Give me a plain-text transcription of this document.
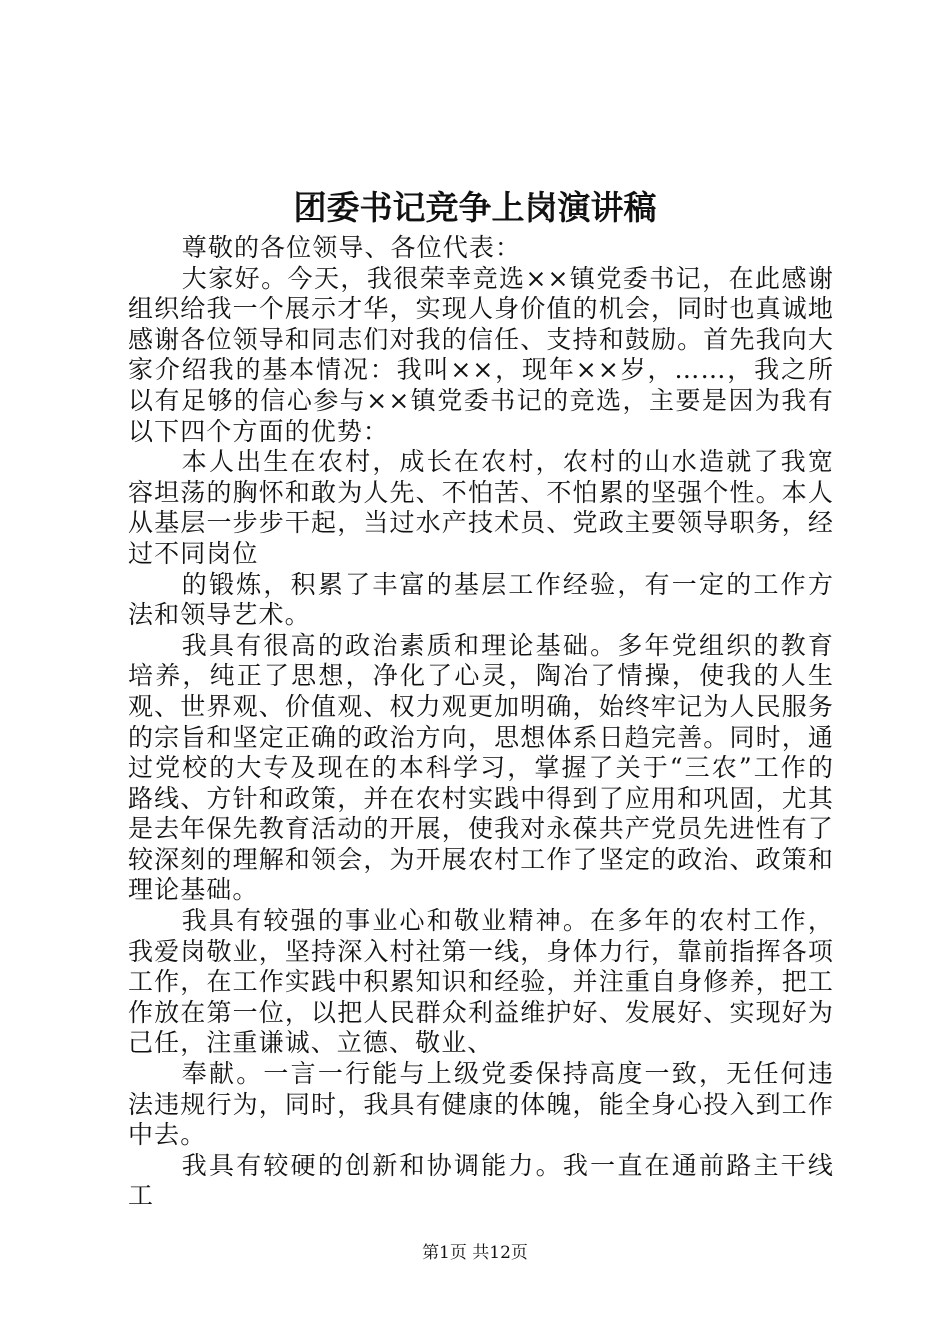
团委书记竞争上岗演讲稿

尊敬的各位领导、各位代表：

大家好。今天，我很荣幸竞选××镇党委书记，在此感谢组织给我一个展示才华，实现人身价值的机会，同时也真诚地感谢各位领导和同志们对我的信任、支持和鼓励。首先我向大家介绍我的基本情况：我叫××，现年××岁，……，我之所以有足够的信心参与××镇党委书记的竞选，主要是因为我有以下四个方面的优势：

本人出生在农村，成长在农村，农村的山水造就了我宽容坦荡的胸怀和敢为人先、不怕苦、不怕累的坚强个性。本人从基层一步步干起，当过水产技术员、党政主要领导职务，经过不同岗位

的锻炼，积累了丰富的基层工作经验，有一定的工作方法和领导艺术。

我具有很高的政治素质和理论基础。多年党组织的教育培养，纯正了思想，净化了心灵，陶冶了情操，使我的人生观、世界观、价值观、权力观更加明确，始终牢记为人民服务的宗旨和坚定正确的政治方向，思想体系日趋完善。同时，通过党校的大专及现在的本科学习，掌握了关于“三农”工作的路线、方针和政策，并在农村实践中得到了应用和巩固，尤其是去年保先教育活动的开展，使我对永葆共产党员先进性有了较深刻的理解和领会，为开展农村工作了坚定的政治、政策和理论基础。

我具有较强的事业心和敬业精神。在多年的农村工作，我爱岗敬业，坚持深入村社第一线，身体力行，靠前指挥各项工作，在工作实践中积累知识和经验，并注重自身修养，把工作放在第一位，以把人民群众利益维护好、发展好、实现好为己任，注重谦诚、立德、敬业、

奉献。一言一行能与上级党委保持高度一致，无任何违法违规行为，同时，我具有健康的体魄，能全身心投入到工作中去。

我具有较硬的创新和协调能力。我一直在通前路主干线工

第1页 共12页
